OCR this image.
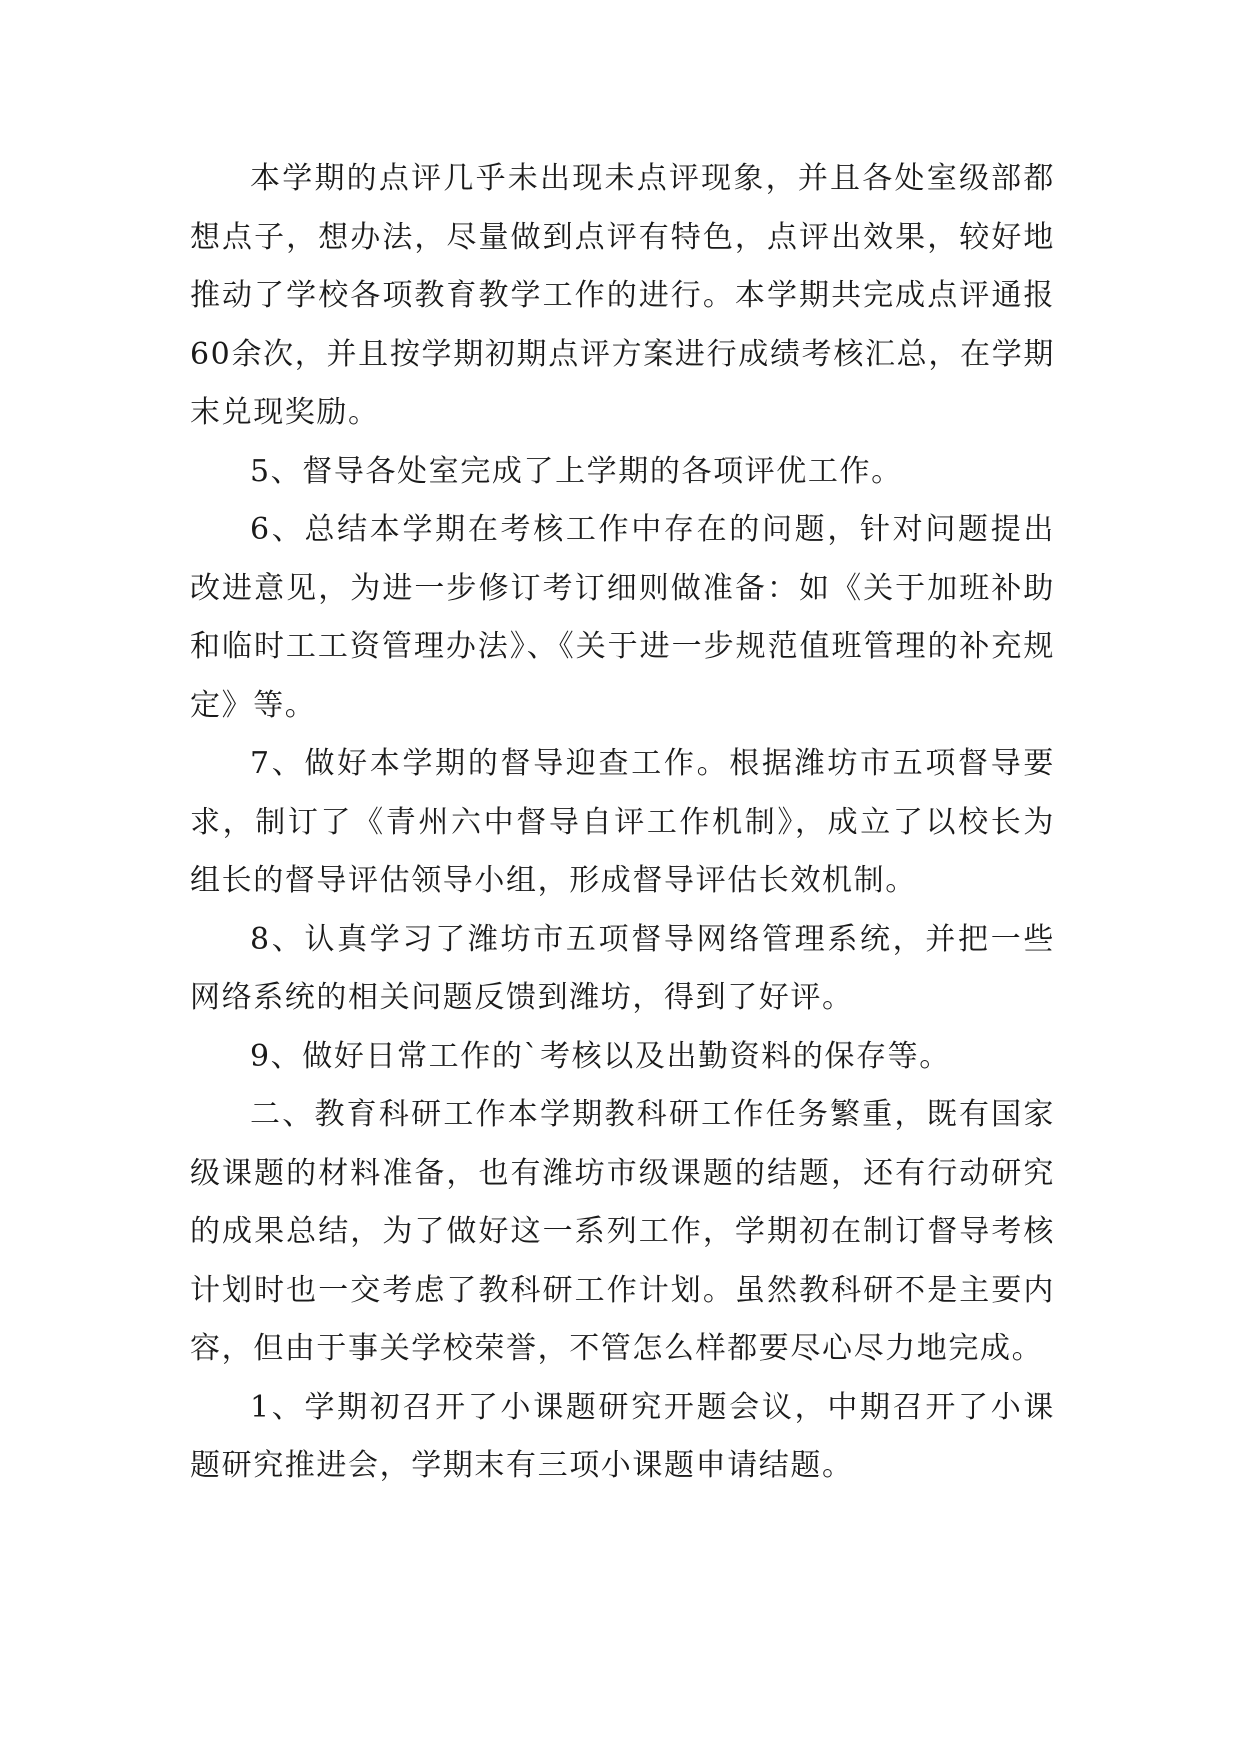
本学期的点评几乎未出现未点评现象，并且各处室级部都想点子，想办法，尽量做到点评有特色，点评出效果，较好地推动了学校各项教育教学工作的进行。本学期共完成点评通报60余次，并且按学期初期点评方案进行成绩考核汇总，在学期末兑现奖励。

5、督导各处室完成了上学期的各项评优工作。

6、总结本学期在考核工作中存在的问题，针对问题提出改进意见，为进一步修订考订细则做准备：如《关于加班补助和临时工工资管理办法》、《关于进一步规范值班管理的补充规定》等。

7、做好本学期的督导迎查工作。根据潍坊市五项督导要求，制订了《青州六中督导自评工作机制》，成立了以校长为组长的督导评估领导小组，形成督导评估长效机制。

8、认真学习了潍坊市五项督导网络管理系统，并把一些网络系统的相关问题反馈到潍坊，得到了好评。

9、做好日常工作的`考核以及出勤资料的保存等。

二、教育科研工作本学期教科研工作任务繁重，既有国家级课题的材料准备，也有潍坊市级课题的结题，还有行动研究的成果总结，为了做好这一系列工作，学期初在制订督导考核计划时也一交考虑了教科研工作计划。虽然教科研不是主要内容，但由于事关学校荣誉，不管怎么样都要尽心尽力地完成。

1、学期初召开了小课题研究开题会议，中期召开了小课题研究推进会，学期末有三项小课题申请结题。
